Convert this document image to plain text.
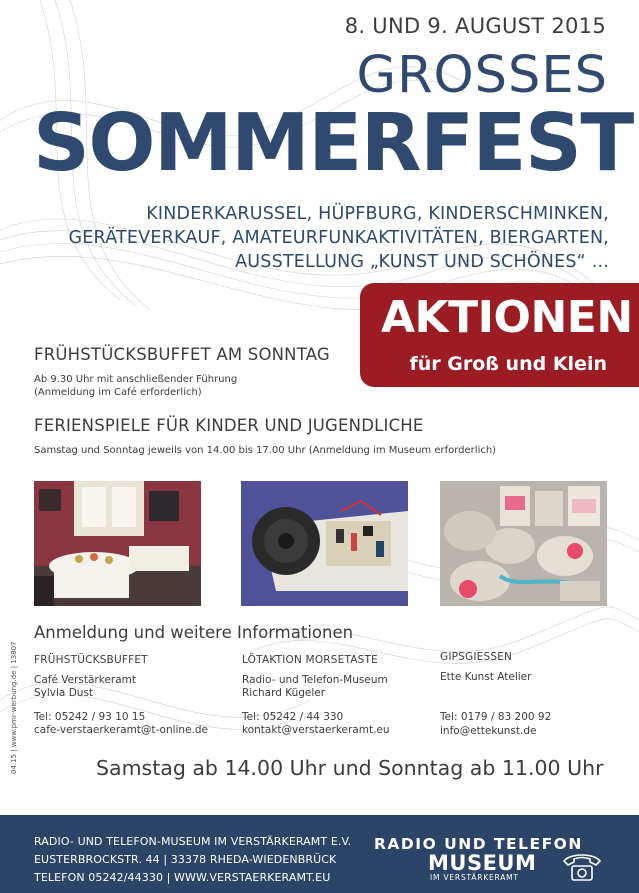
8. UND 9. AUGUST 2015
GROSSES
SOMMERFEST
KINDERKARUSSEL, HÜPFBURG, KINDERSCHMINKEN,
GERÄTEVERKAUF, AMATEURFUNKAKTIVITÄTEN, BIERGARTEN,
AUSSTELLUNG „KUNST UND SCHÖNES“ ...
AKTIONEN
für Groß und Klein
FRÜHSTÜCKSBUFFET AM SONNTAG
Ab 9.30 Uhr mit anschließender Führung
(Anmeldung im Café erforderlich)
FERIENSPIELE FÜR KINDER UND JUGENDLICHE
Samstag und Sonntag jeweils von 14.00 bis 17.00 Uhr (Anmeldung im Museum erforderlich)
Anmeldung und weitere Informationen
FRÜHSTÜCKSBUFFET
Café Verstärkeramt
Sylvia Dust
Tel: 05242 / 93 10 15
cafe-verstaerkeramt@t-online.de
LÖTAKTION MORSETASTE
Radio- und Telefon-Museum
Richard Kügeler
Tel: 05242 / 44 330
kontakt@verstaerkeramt.eu
GIPSGIESSEN
Ette Kunst Atelier
Tel: 0179 / 83 200 92
info@ettekunst.de
Samstag ab 14.00 Uhr und Sonntag ab 11.00 Uhr
04.15 | www.pmr-werbung.de | 13807
RADIO- UND TELEFON-MUSEUM IM VERSTÄRKERAMT E.V.
EUSTERBROCKSTR. 44 | 33378 RHEDA-WIEDENBRÜCK
TELEFON 05242/44330 | WWW.VERSTAERKERAMT.EU
RADIO UND TELEFON
MUSEUM
IM VERSTÄRKERAMT
